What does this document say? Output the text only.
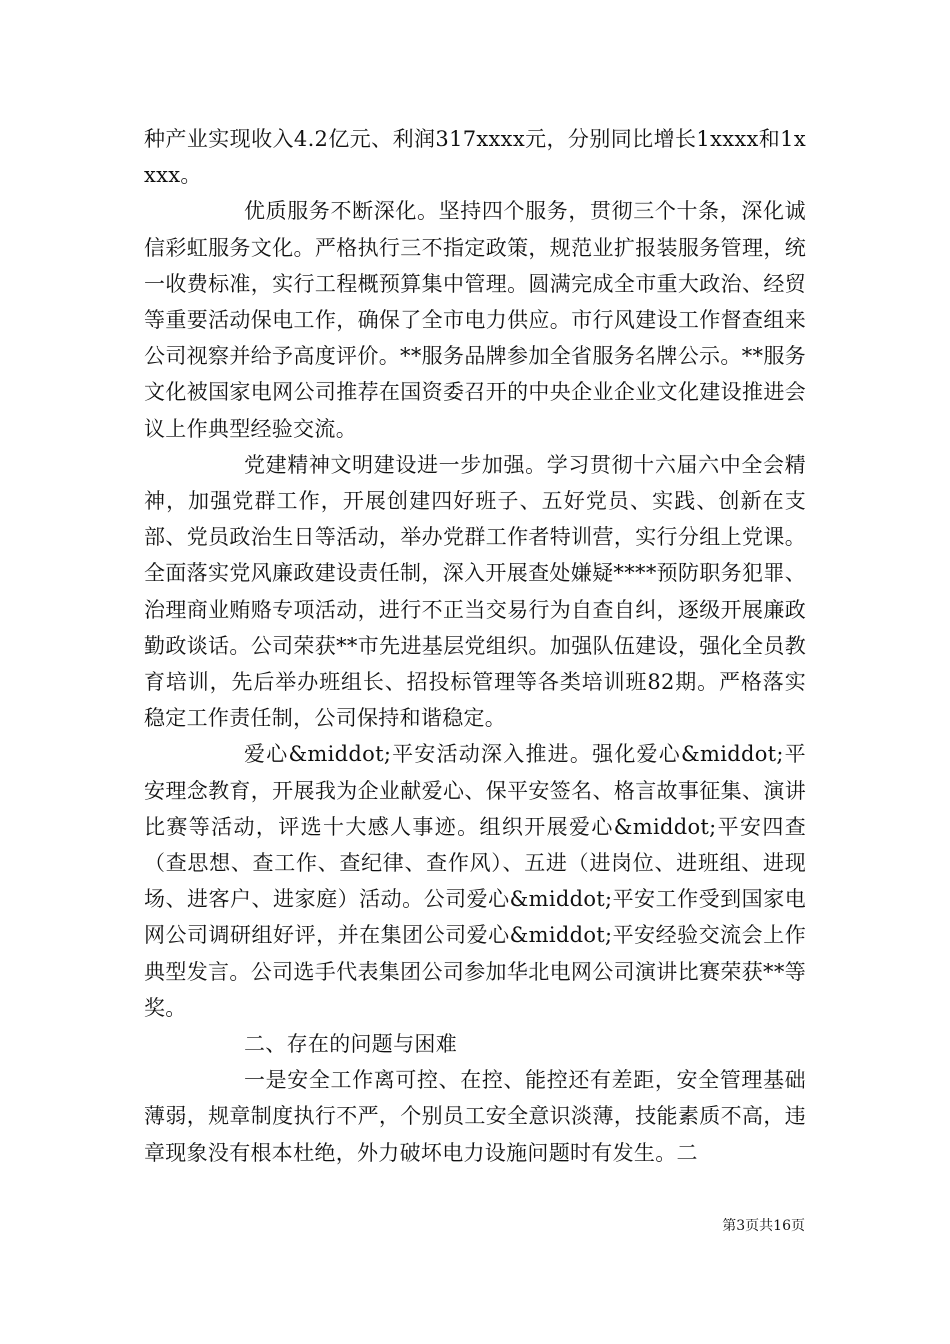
种产业实现收入4.2亿元、利润317xxxx元，分别同比增长1xxxx和1xxxx。

优质服务不断深化。坚持四个服务，贯彻三个十条，深化诚信彩虹服务文化。严格执行三不指定政策，规范业扩报装服务管理，统一收费标准，实行工程概预算集中管理。圆满完成全市重大政治、经贸等重要活动保电工作，确保了全市电力供应。市行风建设工作督查组来公司视察并给予高度评价。**服务品牌参加全省服务名牌公示。**服务文化被国家电网公司推荐在国资委召开的中央企业企业文化建设推进会议上作典型经验交流。

党建精神文明建设进一步加强。学习贯彻十六届六中全会精神，加强党群工作，开展创建四好班子、五好党员、实践、创新在支部、党员政治生日等活动，举办党群工作者特训营，实行分组上党课。全面落实党风廉政建设责任制，深入开展查处嫌疑****预防职务犯罪、治理商业贿赂专项活动，进行不正当交易行为自查自纠，逐级开展廉政勤政谈话。公司荣获**市先进基层党组织。加强队伍建设，强化全员教育培训，先后举办班组长、招投标管理等各类培训班82期。严格落实稳定工作责任制，公司保持和谐稳定。

爱心&middot;平安活动深入推进。强化爱心&middot;平安理念教育，开展我为企业献爱心、保平安签名、格言故事征集、演讲比赛等活动，评选十大感人事迹。组织开展爱心&middot;平安四查（查思想、查工作、查纪律、查作风）、五进（进岗位、进班组、进现场、进客户、进家庭）活动。公司爱心&middot;平安工作受到国家电网公司调研组好评，并在集团公司爱心&middot;平安经验交流会上作典型发言。公司选手代表集团公司参加华北电网公司演讲比赛荣获**等奖。

二、存在的问题与困难

一是安全工作离可控、在控、能控还有差距，安全管理基础薄弱，规章制度执行不严，个别员工安全意识淡薄，技能素质不高，违章现象没有根本杜绝，外力破坏电力设施问题时有发生。二

第3页共16页
